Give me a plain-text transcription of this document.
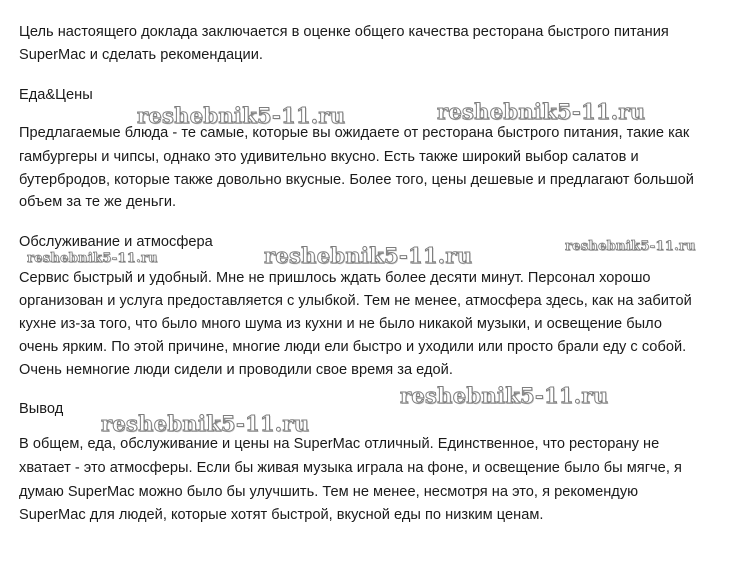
Цель настоящего доклада заключается в оценке общего качества ресторана быстрого питания
SuperMac и сделать рекомендации.
Еда&Цены
Предлагаемые блюда - те самые, которые вы ожидаете от ресторана быстрого питания, такие как
гамбургеры и чипсы, однако это удивительно вкусно. Есть также широкий выбор салатов и
бутербродов, которые также довольно вкусные. Более того, цены дешевые и предлагают большой
объем за те же деньги.
Обслуживание и атмосфера
Сервис быстрый и удобный. Мне не пришлось ждать более десяти минут. Персонал хорошо
организован и услуга предоставляется с улыбкой. Тем не менее, атмосфера здесь, как на забитой
кухне из-за того, что было много шума из кухни и не было никакой музыки, и освещение было
очень ярким. По этой причине, многие люди ели быстро и уходили или просто брали еду с собой.
Очень немногие люди сидели и проводили свое время за едой.
Вывод
В общем, еда, обслуживание и цены на SuperMac отличный. Единственное, что ресторану не
хватает - это атмосферы. Если бы живая музыка играла на фоне, и освещение было бы мягче, я
думаю SuperMac можно было бы улучшить. Тем не менее, несмотря на это, я рекомендую
SuperMac для людей, которые хотят быстрой, вкусной еды по низким ценам.
reshebnik5-11.ru	reshebnik5-11.ru
reshebnik5-11.ru	reshebnik5-11.ru
reshebnik5-11.ru
reshebnik5-11.ru
reshebnik5-11.ru
